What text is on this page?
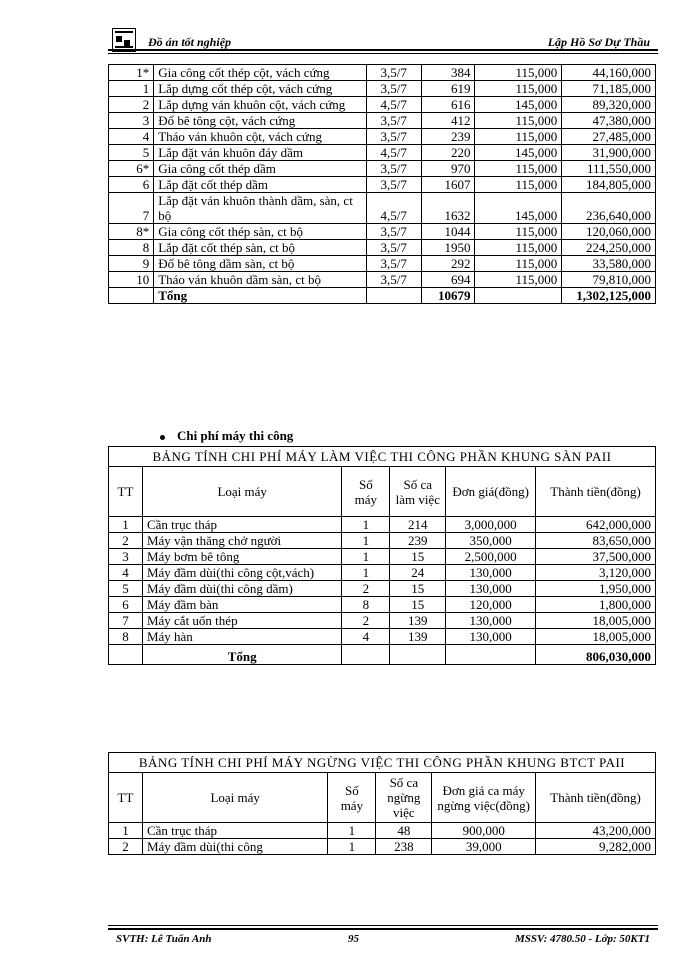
Đồ án tốt nghiệp	Lập Hồ Sơ Dự Thầu
1*	Gia công cốt thép cột, vách cứng	3,5/7	384	115,000	44,160,000
1	Lắp dựng cốt thép cột, vách cứng	3,5/7	619	115,000	71,185,000
2	Lắp dựng ván khuôn cột, vách cứng	4,5/7	616	145,000	89,320,000
3	Đổ bê tông cột, vách cứng	3,5/7	412	115,000	47,380,000
4	Tháo ván khuôn cột, vách cứng	3,5/7	239	115,000	27,485,000
5	Lắp đặt ván khuôn đáy dầm	4,5/7	220	145,000	31,900,000
6*	Gia công cốt thép dầm	3,5/7	970	115,000	111,550,000
6	Lắp đặt cốt thép dầm	3,5/7	1607	115,000	184,805,000
7	Lắp đặt ván khuôn thành dầm, sàn, ct bộ	4,5/7	1632	145,000	236,640,000
8*	Gia công cốt thép sàn, ct bộ	3,5/7	1044	115,000	120,060,000
8	Lắp đặt cốt thép sàn, ct bộ	3,5/7	1950	115,000	224,250,000
9	Đổ bê tông dầm sàn, ct bộ	3,5/7	292	115,000	33,580,000
10	Tháo ván khuôn dầm sàn, ct bộ	3,5/7	694	115,000	79,810,000
	Tổng		10679		1,302,125,000
Chi phí máy thi công
BẢNG TÍNH CHI PHÍ MÁY LÀM VIỆC THI CÔNG PHẦN KHUNG SÀN PAII					
TT	Loại máy	Số máy	Số ca làm việc	Đơn giá(đồng)	Thành tiền(đồng)
1	Cần trục tháp	1	214	3,000,000	642,000,000
2	Máy vận thăng chở người	1	239	350,000	83,650,000
3	Máy bơm bê tông	1	15	2,500,000	37,500,000
4	Máy đầm dùi(thi công cột,vách)	1	24	130,000	3,120,000
5	Máy đầm dùi(thi công dầm)	2	15	130,000	1,950,000
6	Máy đầm bàn	8	15	120,000	1,800,000
7	Máy cắt uốn thép	2	139	130,000	18,005,000
8	Máy hàn	4	139	130,000	18,005,000
	Tổng				806,030,000
BẢNG TÍNH CHI PHÍ MÁY NGỪNG VIỆC THI CÔNG PHẦN KHUNG BTCT PAII					
TT	Loại máy	Số máy	Số ca ngừng việc	Đơn giá ca máy ngừng việc(đồng)	Thành tiền(đồng)
1	Cần trục tháp	1	48	900,000	43,200,000
2	Máy đầm dùi(thi công	1	238	39,000	9,282,000
SVTH: Lê Tuấn Anh	95	MSSV: 4780.50 - Lớp: 50KT1
